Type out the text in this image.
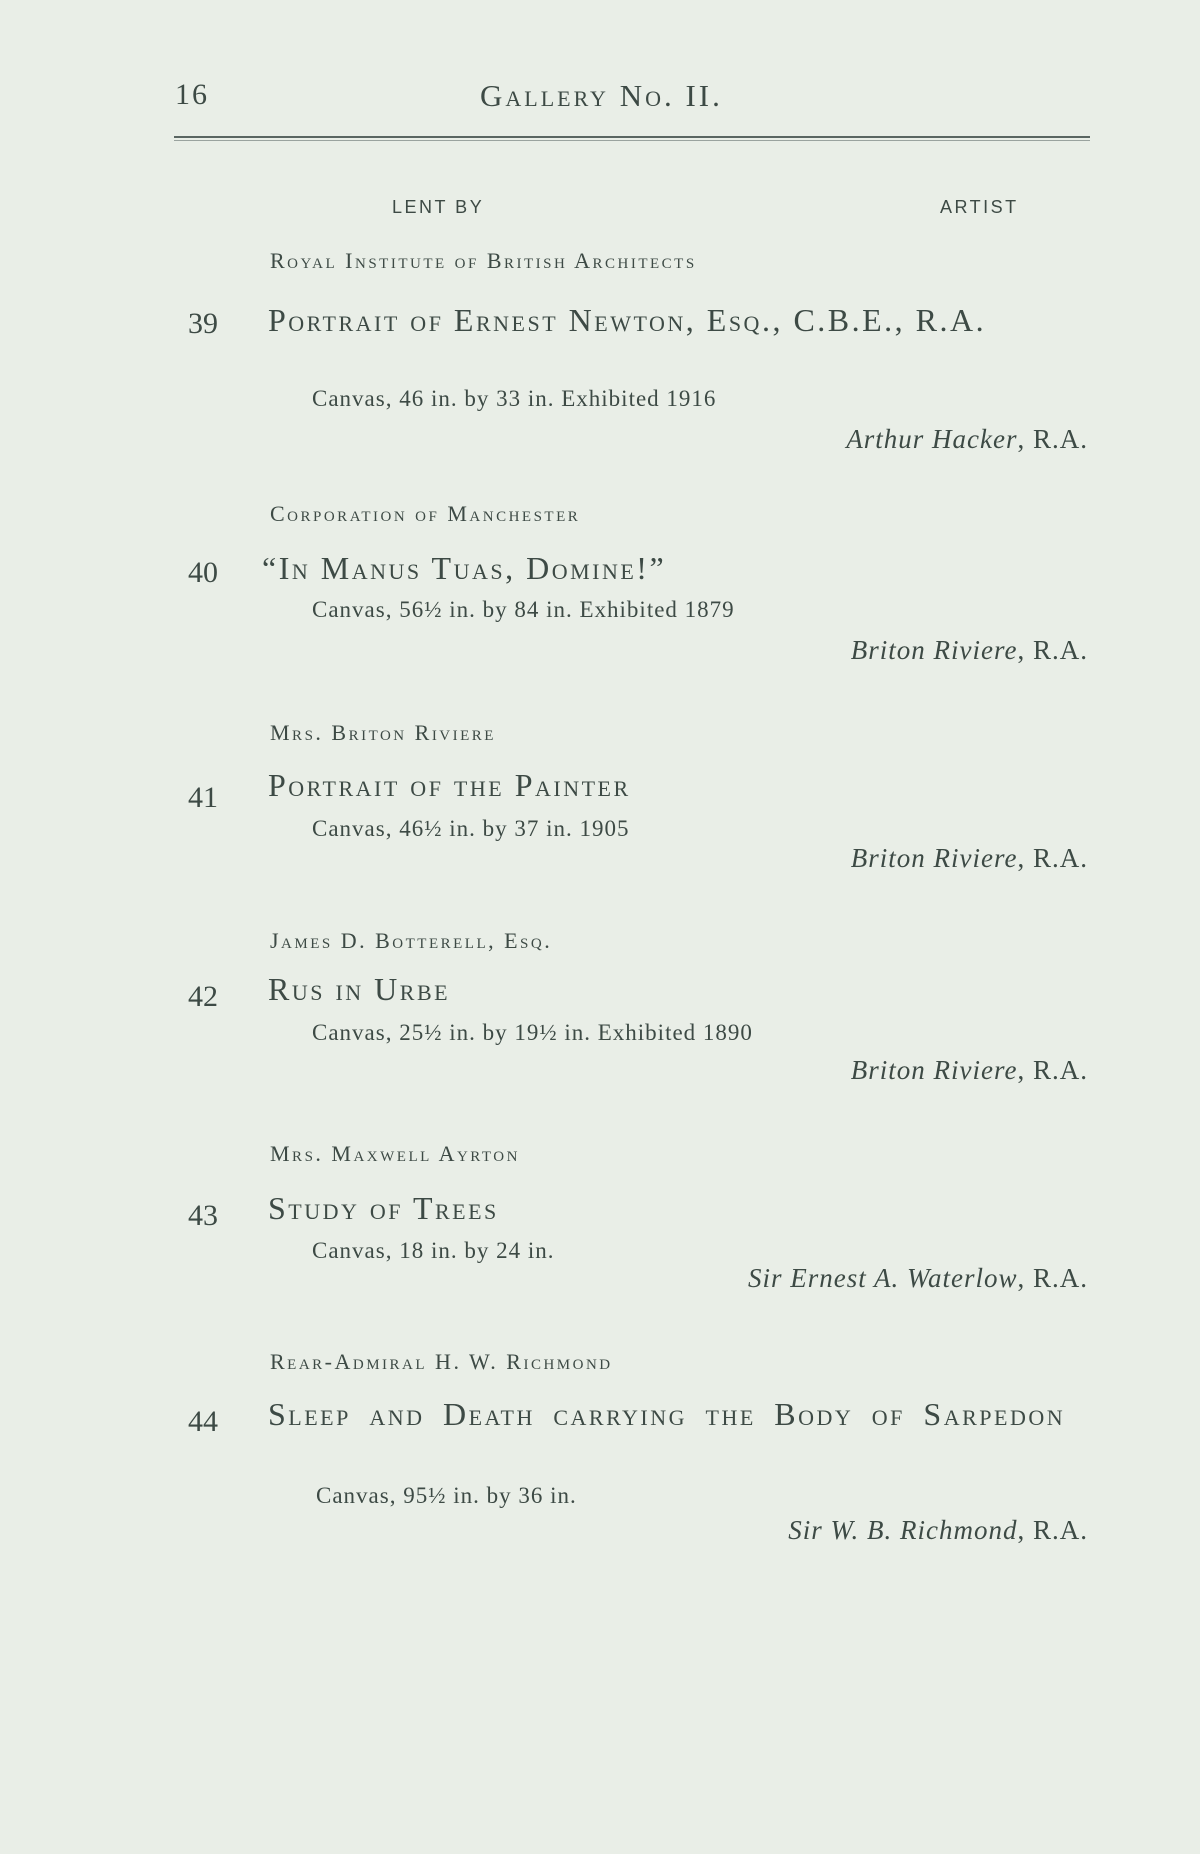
16	Gallery No. II.
LENT BY	ARTIST
Royal Institute of British Architects
39 Portrait of Ernest Newton, Esq., C.B.E., R.A.
Canvas, 46 in. by 33 in. Exhibited 1916
Arthur Hacker, R.A.
Corporation of Manchester
40 “In Manus Tuas, Domine!”
Canvas, 56½ in. by 84 in. Exhibited 1879
Briton Riviere, R.A.
Mrs. Briton Riviere
41 Portrait of the Painter
Canvas, 46½ in. by 37 in. 1905
Briton Riviere, R.A.
James D. Botterell, Esq.
42 Rus in Urbe
Canvas, 25½ in. by 19½ in. Exhibited 1890
Briton Riviere, R.A.
Mrs. Maxwell Ayrton
43 Study of Trees
Canvas, 18 in. by 24 in.
Sir Ernest A. Waterlow, R.A.
Rear-Admiral H. W. Richmond
44 Sleep and Death carrying the Body of Sarpedon
Canvas, 95½ in. by 36 in.
Sir W. B. Richmond, R.A.
